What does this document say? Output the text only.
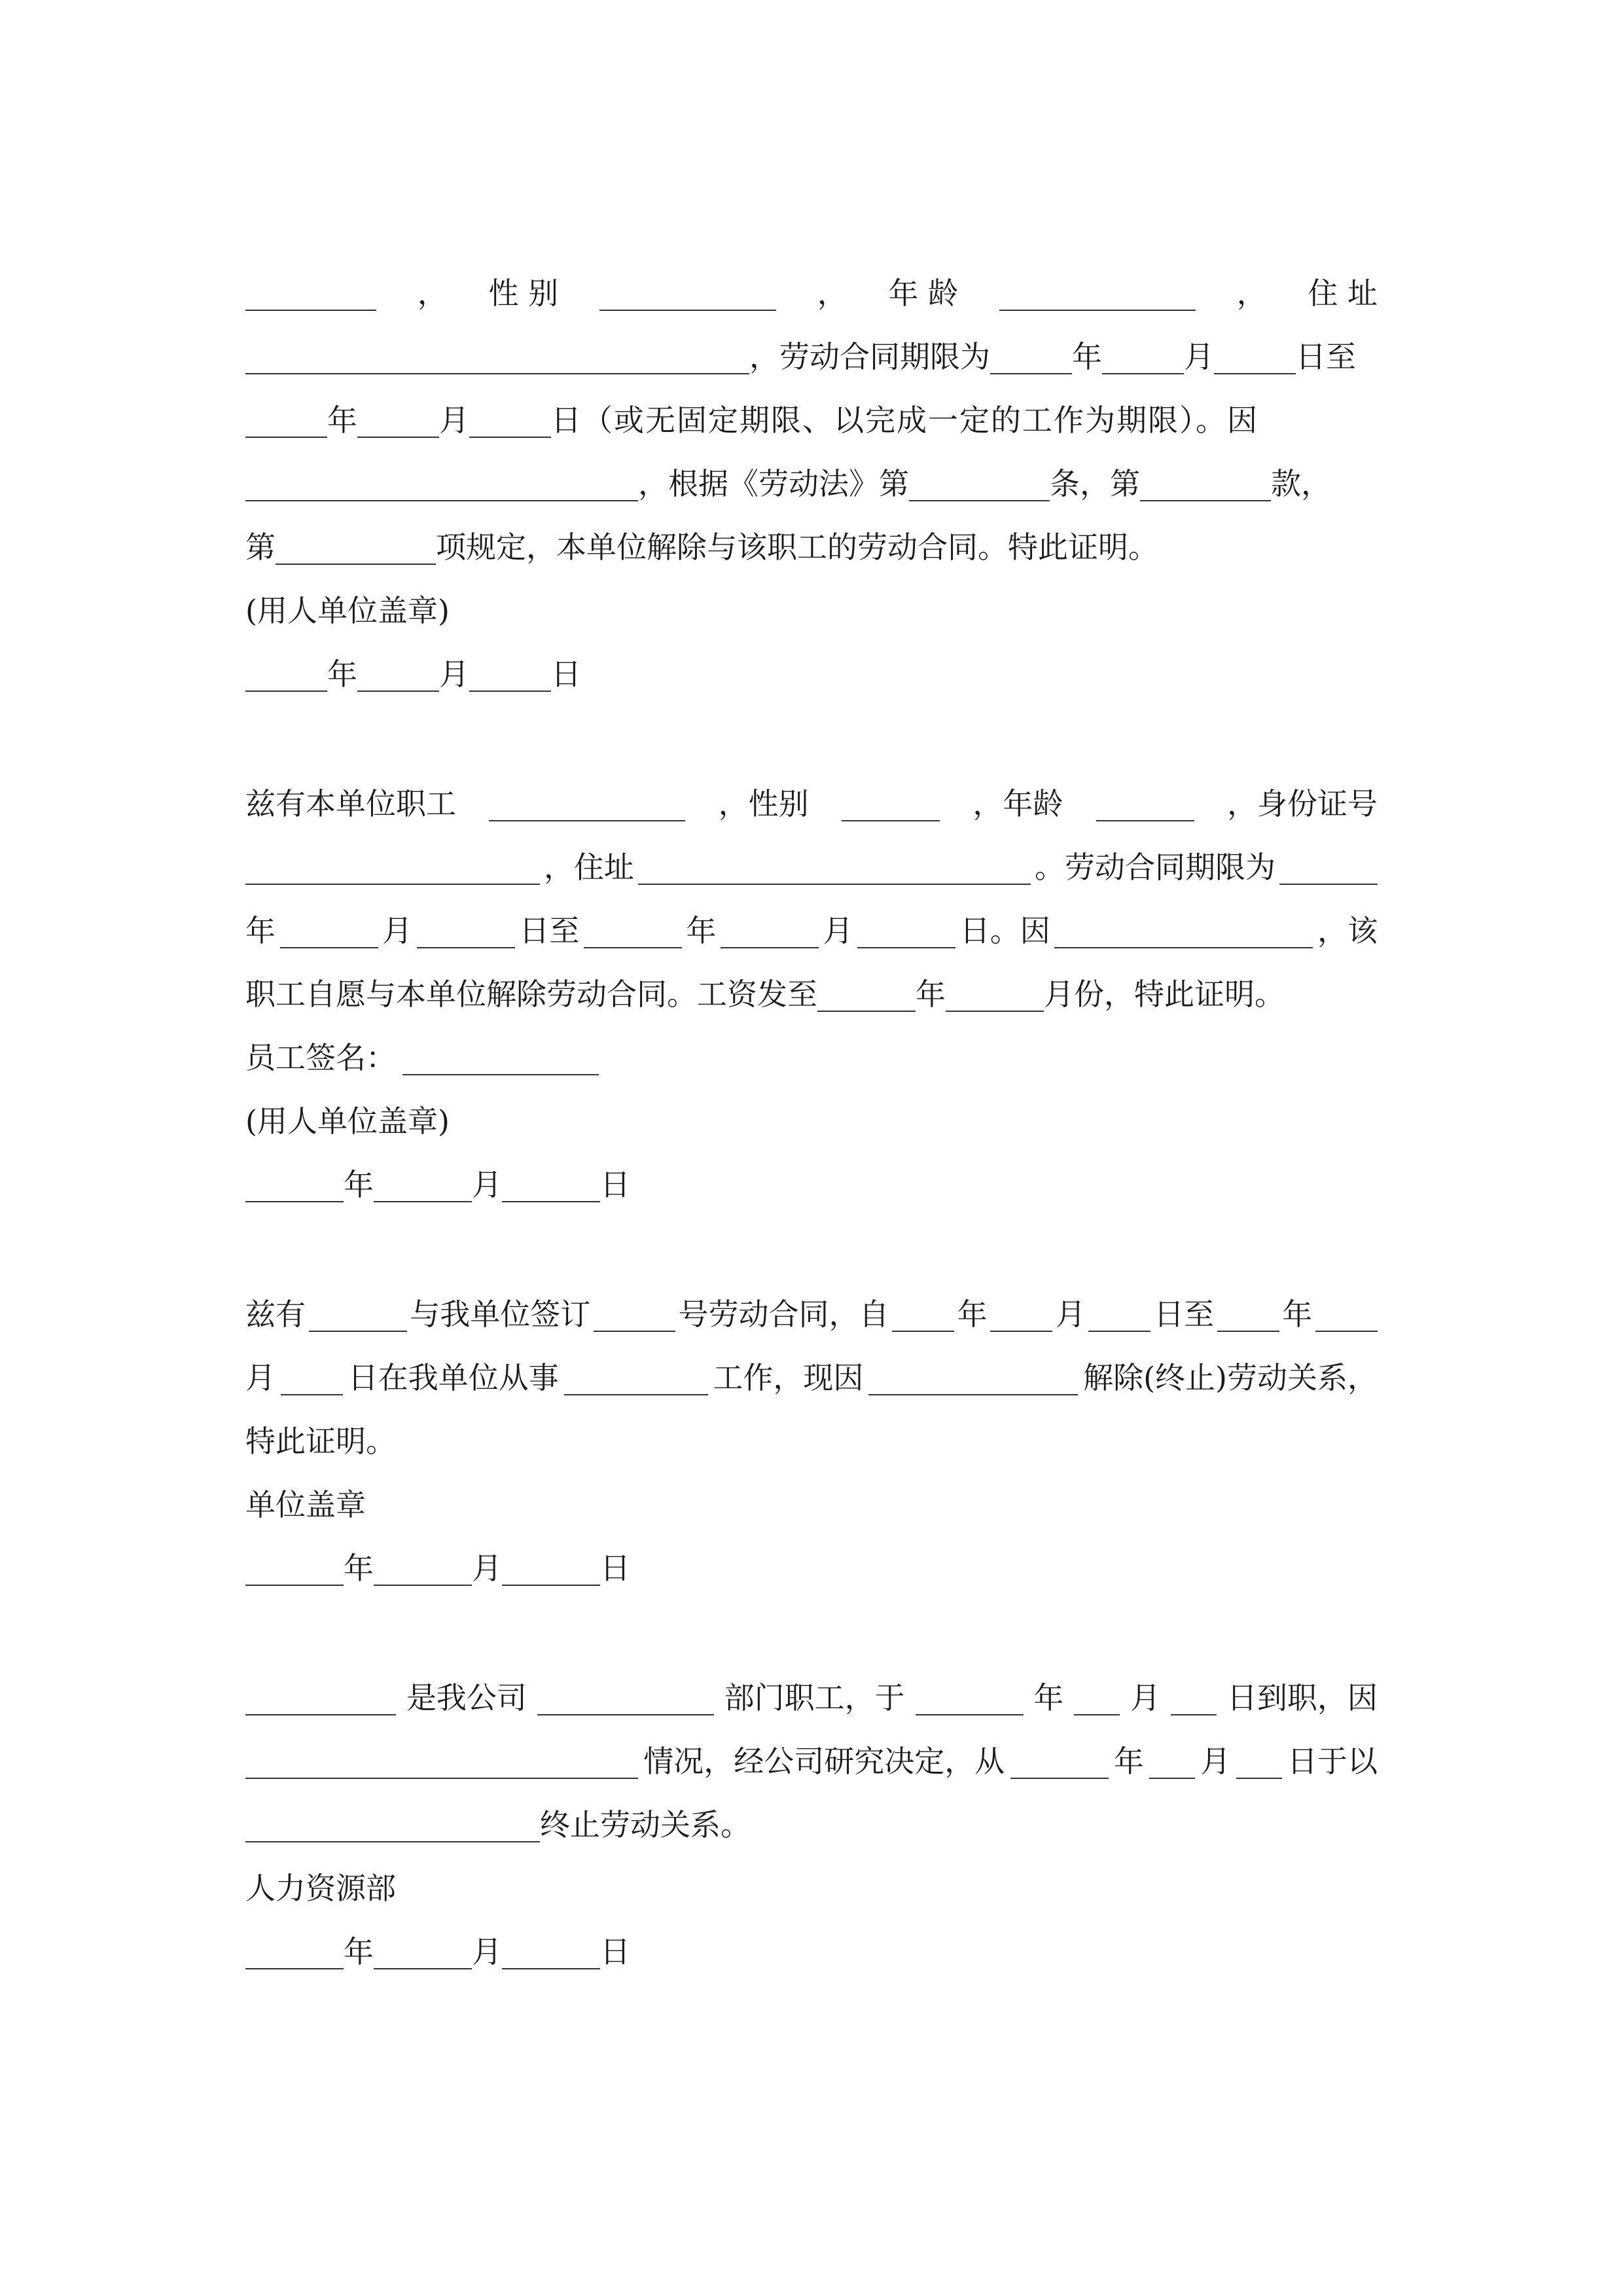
， 性 别	， 年 龄	， 住 址
，劳动合同期限为	年	月	日至
年	月	日（或无固定期限、以完成一定的工作为期限）。因
，根据《劳动法》第	条，第	款，
第	项规定，本单位解除与该职工的劳动合同。特此证明。
(用人单位盖章)
年	月	日
兹有本单位职工	，性别	，年龄	，身份证号
，住址	。劳动合同期限为
年	月	日至	年	月	日。因	，该
职工自愿与本单位解除劳动合同。工资发至	年	月份，特此证明。
员工签名：
(用人单位盖章)
年	月	日
兹有	与我单位签订	号劳动合同，自 年 月 日至 年
月 日在我单位从事	工作，现因	解除(终止)劳动关系，
特此证明。
单位盖章
年	月	日
是我公司	部门职工，于	年 月 日到职，因
情况，经公司研究决定，从	年 月 日于以
终止劳动关系。
人力资源部
年	月	日
